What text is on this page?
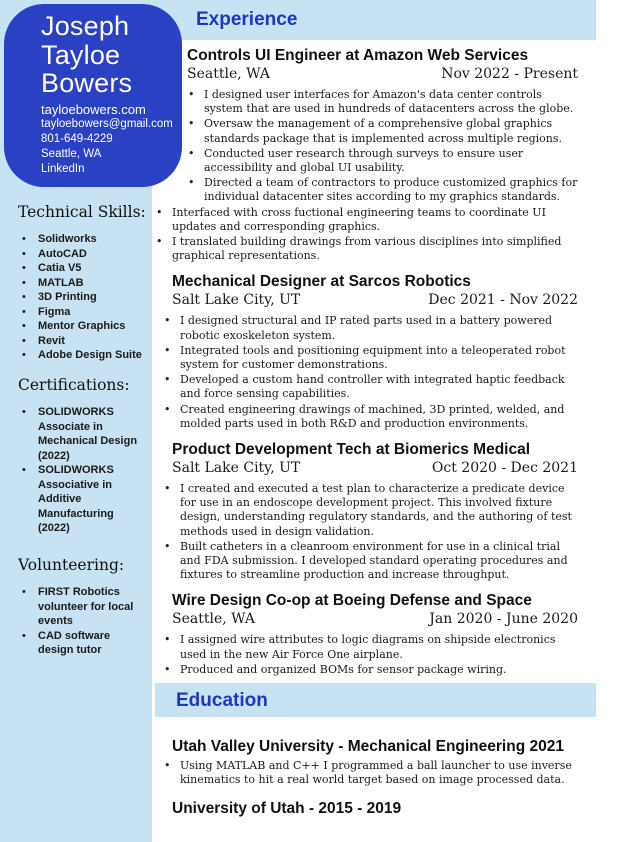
Joseph
Tayloe
Bowers
tayloebowers.com
tayloebowers@gmail.com
801-649-4229
Seattle, WA
LinkedIn
Technical Skills:
• Solidworks
• AutoCAD
• Catia V5
• MATLAB
• 3D Printing
• Figma
• Mentor Graphics
• Revit
• Adobe Design Suite
Certifications:
• SOLIDWORKS Associate in Mechanical Design (2022)
• SOLIDWORKS Associative in Additive Manufacturing (2022)
Volunteering:
• FIRST Robotics volunteer for local events
• CAD software design tutor
Experience
Controls UI Engineer at Amazon Web Services
Seattle, WA	Nov 2022 - Present
• I designed user interfaces for Amazon's data center controls system that are used in hundreds of datacenters across the globe.
• Oversaw the management of a comprehensive global graphics standards package that is implemented across multiple regions.
• Conducted user research through surveys to ensure user accessibility and global UI usability.
• Directed a team of contractors to produce customized graphics for individual datacenter sites according to my graphics standards.
• Interfaced with cross fuctional engineering teams to coordinate UI updates and corresponding graphics.
• I translated building drawings from various disciplines into simplified graphical representations.
Mechanical Designer at Sarcos Robotics
Salt Lake City, UT	Dec 2021 - Nov 2022
• I designed structural and IP rated parts used in a battery powered robotic exoskeleton system.
• Integrated tools and positioning equipment into a teleoperated robot system for customer demonstrations.
• Developed a custom hand controller with integrated haptic feedback and force sensing capabilities.
• Created engineering drawings of machined, 3D printed, welded, and molded parts used in both R&D and production environments.
Product Development Tech at Biomerics Medical
Salt Lake City, UT	Oct 2020 - Dec 2021
• I created and executed a test plan to characterize a predicate device for use in an endoscope development project. This involved fixture design, understanding regulatory standards, and the authoring of test methods used in design validation.
• Built catheters in a cleanroom environment for use in a clinical trial and FDA submission. I developed standard operating procedures and fixtures to streamline production and increase throughput.
Wire Design Co-op at Boeing Defense and Space
Seattle, WA	Jan 2020 - June 2020
• I assigned wire attributes to logic diagrams on shipside electronics used in the new Air Force One airplane.
• Produced and organized BOMs for sensor package wiring.
Education
Utah Valley University - Mechanical Engineering 2021
• Using MATLAB and C++ I programmed a ball launcher to use inverse kinematics to hit a real world target based on image processed data.
University of Utah - 2015 - 2019
